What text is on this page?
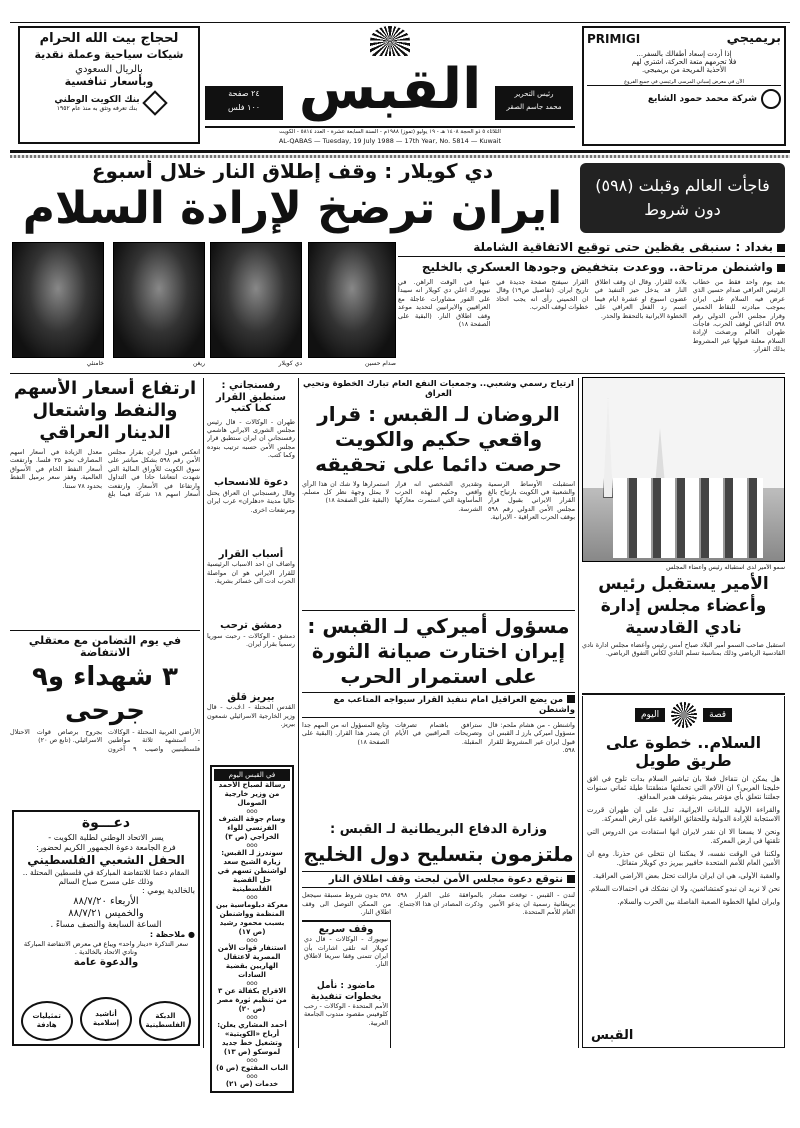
لحجاج بيت الله الحرام
شيكات سياحية وعملة نقدية
بالريال السعودي
وبأسعار تنافسية
بنك الكويت الوطني
بنك تعرفه وتثق به منذ عام ١٩٥٢	القبس
٢٤ صفحة
١٠٠ فلس
رئيس التحرير
محمد جاسم الصقر
الثلاثاء ٥ ذو الحجة ١٤٠٨ هـ - ١٩ يوليو (تموز) ١٩٨٨م - السنة السابعة عشرة - العدد ٥٨١٤ - الكويت
AL-QABAS — Tuesday, 19 July 1988 — 17th Year, No. 5814 — Kuwait
بريميجي
PRIMIGI
إذا أردت إسعاد أطفالك بالسفر...
فلا تحرمهم متعة الحركة، اشتري لهم
الأحذية المريحة من بريميجي.
الآن في معرض إسباني المرسى الرئيسي في جميع الفروع
شركة محمد حمود الشايع
فاجأت العالم وقبلت (٥٩٨) دون شروط
دي كويلار : وقف إطلاق النار خلال أسبوع
ايران ترضخ لإرادة السلام
خامنئي	ريغن	دي كويلار	صدام حسين
بغداد : سنبقى يقظين حتى توقيع الاتفاقية الشاملة
واشنطن مرتاحة.. ووعدت بتخفيض وجودها العسكري بالخليج
بعد يوم واحد فقط من خطاب الرئيس العراقي صدام حسين الذي عرض فيه السلام على ايران بموجب مبادرته للنقاط الخمس وقرار مجلس الأمن الدولي رقم ٥٩٨ الداعي لوقف الحرب، فاجأت طهران العالم ورضخت لإرادة السلام معلنة قبولها غير المشروط بذلك القرار.
بلاده للقرار. وقال ان وقف اطلاق النار قد يدخل حيز التنفيذ في غضون اسبوع او عشرة ايام فيما اتسم رد الفعل العراقي على الخطوة الايرانية بالتحفظ والحذر.
القرار سيفتح صفحة جديدة في تاريخ ايران. (تفاصيل ص١٩) وقال ان الخميني رأى انه يجب اتخاذ خطوات لوقف الحرب.
عنها في الوقت الراهن. في نيويورك اعلن دي كويلار انه سيبدأ على الفور مشاورات عاجلة مع العراقيين والايرانيين لتحديد موعد وقف اطلاق النار. (البقية على الصفحة ١٨)
ارتفاع أسعار الأسهم والنفط واشتعال الدينار العراقي
انعكس قبول ايران بقرار مجلس الأمن رقم ٥٩٨ بشكل مباشر على سوق الكويت للأوراق المالية التي شهدت انتعاشا حادا في التداول وارتفاعا في الأسعار. وارتفعت أسعار اسهم ١٨ شركة فيما بلغ معدل الزيادة في أسعار اسهم المصارف نحو ٢٥ فلسا. وارتفعت أسعار النفط الخام في الأسواق العالمية. وقفز سعر برميل النفط بحدود ٧٨ سنتا.
في يوم التضامن مع معتقلي الانتفاضة
٣ شهداء و٩ جرحى
الأراضي العربية المحتلة - الوكالات - استشهد ثلاثة مواطنين فلسطينيين واصيب ٩ آخرون بجروح برصاص قوات الاحتلال الاسرائيلي. (تابع ص ٢٠)
دعـــوة
يسر الاتحاد الوطني لطلبة الكويت -
فرع الجامعة دعوة الجمهور الكريم لحضور:
الحفل الشعبي الفلسطيني
المقام دعما للانتفاضة المباركة في فلسطين المحتلة .. وذلك على مسرح صباح السالم
بالخالدية يومي :
الأربعاء ٨٨/٧/٢٠
والخميس ٨٨/٧/٢١
الساعة السابعة والنصف مساءً .
● ملاحظة :
سعر التذكرة «دينار واحد» ويباع في معرض الانتفاضة المباركة ونادي الاتحاد بالخالدية .
والدعوة عامة
الدبكة الفلسطينية
أناشيد إسلامية
تمثيليات هادفة
رفسنجاني : سنطبق القرار كما كتب
طهران - الوكالات - قال رئيس مجلس الشورى الايراني هاشمي رفسنجاني ان ايران ستطبق قرار مجلس الأمن حسبه ترتيب بنوده وكما كتب.
دعوة للانسحاب
وقال رفسنجاني ان العراق يحتل حاليا مدينة «دهلران» غرب ايران ومرتفعات اخرى.
أسباب القرار
واضاف ان احد الاسباب الرئيسية للقرار الايراني هو ان مواصلة الحرب ادت الى خسائر بشرية.
دمشق ترحب
دمشق - الوكالات - رحبت سوريا رسميا بقرار ايران.
بيريز قلق
القدس المحتلة - ا.ف.ب - قال وزير الخارجية الاسرائيلي شمعون بيريز.
في القبس اليوم
رسالة لصباح الأحمد من وزير خارجية الصومال
ooo
وسام جوقة الشرف الفرنسي للواء الخراجي (ص ٣)
ooo
سوندرز لـ القبس: زيارة الشيخ سعد لواشنطن تسهم في حل القضية الفلسطينية
ooo
معركة دبلوماسية بين المنظمة وواشنطن بسبب محمود رشيد (ص ١٧)
ooo
استنفار قوات الأمن المصرية لاعتقال الهاربين بقضية السادات
ooo
الافراج بكفالة عن ٣ من تنظيم ثورة مصر (ص ٢٠)
ooo
أحمد المشاري يعلن: أرباح «الكويتية» وتشغيل خط جديد لموسكو (ص ١٣)
ooo
الباب المفتوح (ص ٥)
ooo
خدمات (ص ٢١)
ارتياح رسمي وشعبي.. وجمعيات النفع العام تبارك الخطوة وتحيي العراق
الروضان لـ القبس : قرار واقعي حكيم والكويت حرصت دائما على تحقيقه
استقبلت الأوساط الرسمية والشعبية في الكويت بارتياح بالغ القرار الايراني بقبول قرار مجلس الأمن الدولي رقم ٥٩٨ بوقف الحرب العراقية - الايرانية.
وتقديري الشخصي انه قرار واقعي وحكيم لهذه الحرب المأساوية التي استمرت معاركها الشرسة.
استمرارها ولا شك ان هذا الرأي لا يمثل وجهة نظر كل مسلم. (البقية على الصفحة ١٨)
مسؤول أميركي لـ القبس : إيران اختارت صيانة الثورة على استمرار الحرب
من يضع العراقيل امام تنفيذ القرار سيواجه المتاعب مع واشنطن
واشنطن - من هشام ملحم: قال مسؤول اميركي بارز لـ القبس ان قبول ايران غير المشروط للقرار ٥٩٨.
سترافق باهتمام تصرفات وتصريحات المراقبين في الأيام المقبلة.
وتابع المسؤول انه من المهم جدا ان يصدر هذا القرار. (البقية على الصفحة ١٨)
وزارة الدفاع البريطانية لـ القبس :
ملتزمون بتسليح دول الخليج
نتوقع دعوة مجلس الأمن لبحث وقف اطلاق النار
لندن - القبس - توقعت مصادر بريطانية رسمية ان يدعو الأمين العام للأمم المتحدة.
بالموافقة على القرار ٥٩٨ وذكرت المصادر ان هذا الاجتماع.
٥٩٨ بدون شروط مسبقة سيجعل من الممكن التوصل الى وقف اطلاق النار.
وقف سريع
نيويورك - الوكالات - قال دي كويلار انه تلقى اشارات بأن ايران تتمنى وقفا سريعا لاطلاق النار.
ماضود : نأمل بخطوات تنفيذية
الأمم المتحدة - الوكالات - رحب كلوفيس مقصود مندوب الجامعة العربية.
سمو الأمير لدى استقباله رئيس وأعضاء المجلس
الأمير يستقبل رئيس وأعضاء مجلس إدارة نادي القادسية
استقبل صاحب السمو أمير البلاد صباح أمس رئيس وأعضاء مجلس ادارة نادي القادسية الرياضي وذلك بمناسبة تسلم النادي لكأس التفوق الرياضي.
قصة
اليوم
السلام.. خطوة على طريق طويل
هل يمكن ان نتفاءل فعلا بأن تباشير السلام بدأت تلوح في افق خليجنا العربي؟ ان الآلام التي تحملتها منطقتنا طيلة ثماني سنوات جعلتنا نتعلق بأي مؤشر يبشر بتوقف هدير المدافع.
والقراءة الأولية للبيانات الايرانية، تدل على ان طهران قررت الاستجابة للإرادة الدولية وللحقائق الواقعية على أرض المعركة.
ونحن لا يسعنا الا ان نقدر لايران انها استفادت من الدروس التي تلقتها في ارض المعركة.
ولكننا في الوقت نفسه، لا يمكننا ان نتخلى عن حذرنا. ومع ان الأمين العام للأمم المتحدة خافيير بيريز دي كويلار متفائل.
والعقبة الأولى، هي ان ايران مازالت تحتل بعض الأراضي العراقية.
نحن لا نريد ان نبدو كمتشائمين، ولا ان نشكك في احتمالات السلام.
وايران لعلها الخطوة الصعبة الفاصلة بين الحرب والسلام.
القبس
